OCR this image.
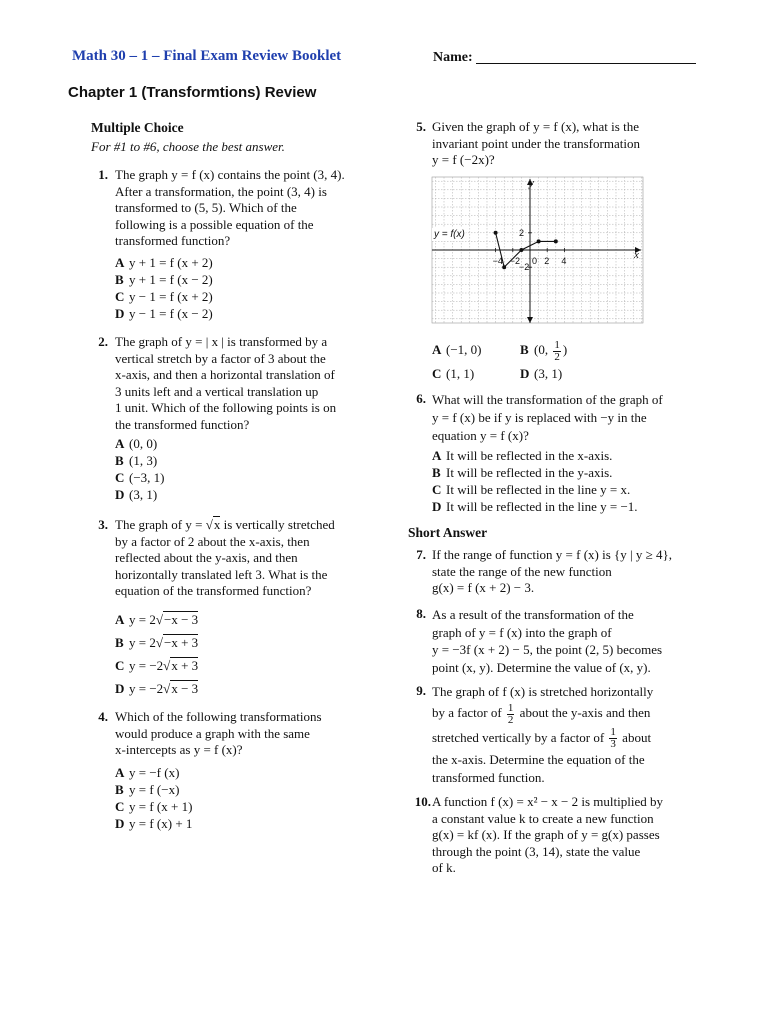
Math 30 – 1 – Final Exam Review Booklet	Name:
Chapter 1 (Transformtions) Review
Multiple Choice
For #1 to #6, choose the best answer.
1. The graph y = f (x) contains the point (3, 4).
After a transformation, the point (3, 4) is
transformed to (5, 5). Which of the
following is a possible equation of the
transformed function?
A y + 1 = f (x + 2)
B y + 1 = f (x − 2)
C y − 1 = f (x + 2)
D y − 1 = f (x − 2)
2. The graph of y = | x | is transformed by a
vertical stretch by a factor of 3 about the
x-axis, and then a horizontal translation of
3 units left and a vertical translation up
1 unit. Which of the following points is on
the transformed function?
A (0, 0)
B (1, 3)
C (−3, 1)
D (3, 1)
3. The graph of y = √x is vertically stretched
by a factor of 2 about the x-axis, then
reflected about the y-axis, and then
horizontally translated left 3. What is the
equation of the transformed function?
A y = 2√−x − 3
B y = 2√−x + 3
C y = −2√x + 3
D y = −2√x − 3
4. Which of the following transformations
would produce a graph with the same
x-intercepts as y = f (x)?
A y = −f (x)
B y = f (−x)
C y = f (x + 1)
D y = f (x) + 1
5. Given the graph of y = f (x), what is the
invariant point under the transformation
y = f (−2x)?
−4 −2 0 2 4
2
−2
y = f(x)
x
y
A (−1, 0)	B (0, $\frac{1}{2}$ )
C (1, 1)	D (3, 1)
6. What will the transformation of the graph of
y = f (x) be if y is replaced with −y in the
equation y = f (x)?
A It will be reflected in the x-axis.
B It will be reflected in the y-axis.
C It will be reflected in the line y = x.
D It will be reflected in the line y = −1.
Short Answer
7. If the range of function y = f (x) is {y | y ≥ 4},
state the range of the new function
g(x) = f (x + 2) − 3.
8. As a result of the transformation of the
graph of y = f (x) into the graph of
y = −3f (x + 2) − 5, the point (2, 5) becomes
point (x, y). Determine the value of (x, y).
9. The graph of f (x) is stretched horizontally
by a factor of $\frac{1}{2}$ about the y-axis and then
stretched vertically by a factor of $\frac{1}{3}$ about
the x-axis. Determine the equation of the
transformed function.
10. A function f (x) = x² − x − 2 is multiplied by
a constant value k to create a new function
g(x) = kf (x). If the graph of y = g(x) passes
through the point (3, 14), state the value
of k.
